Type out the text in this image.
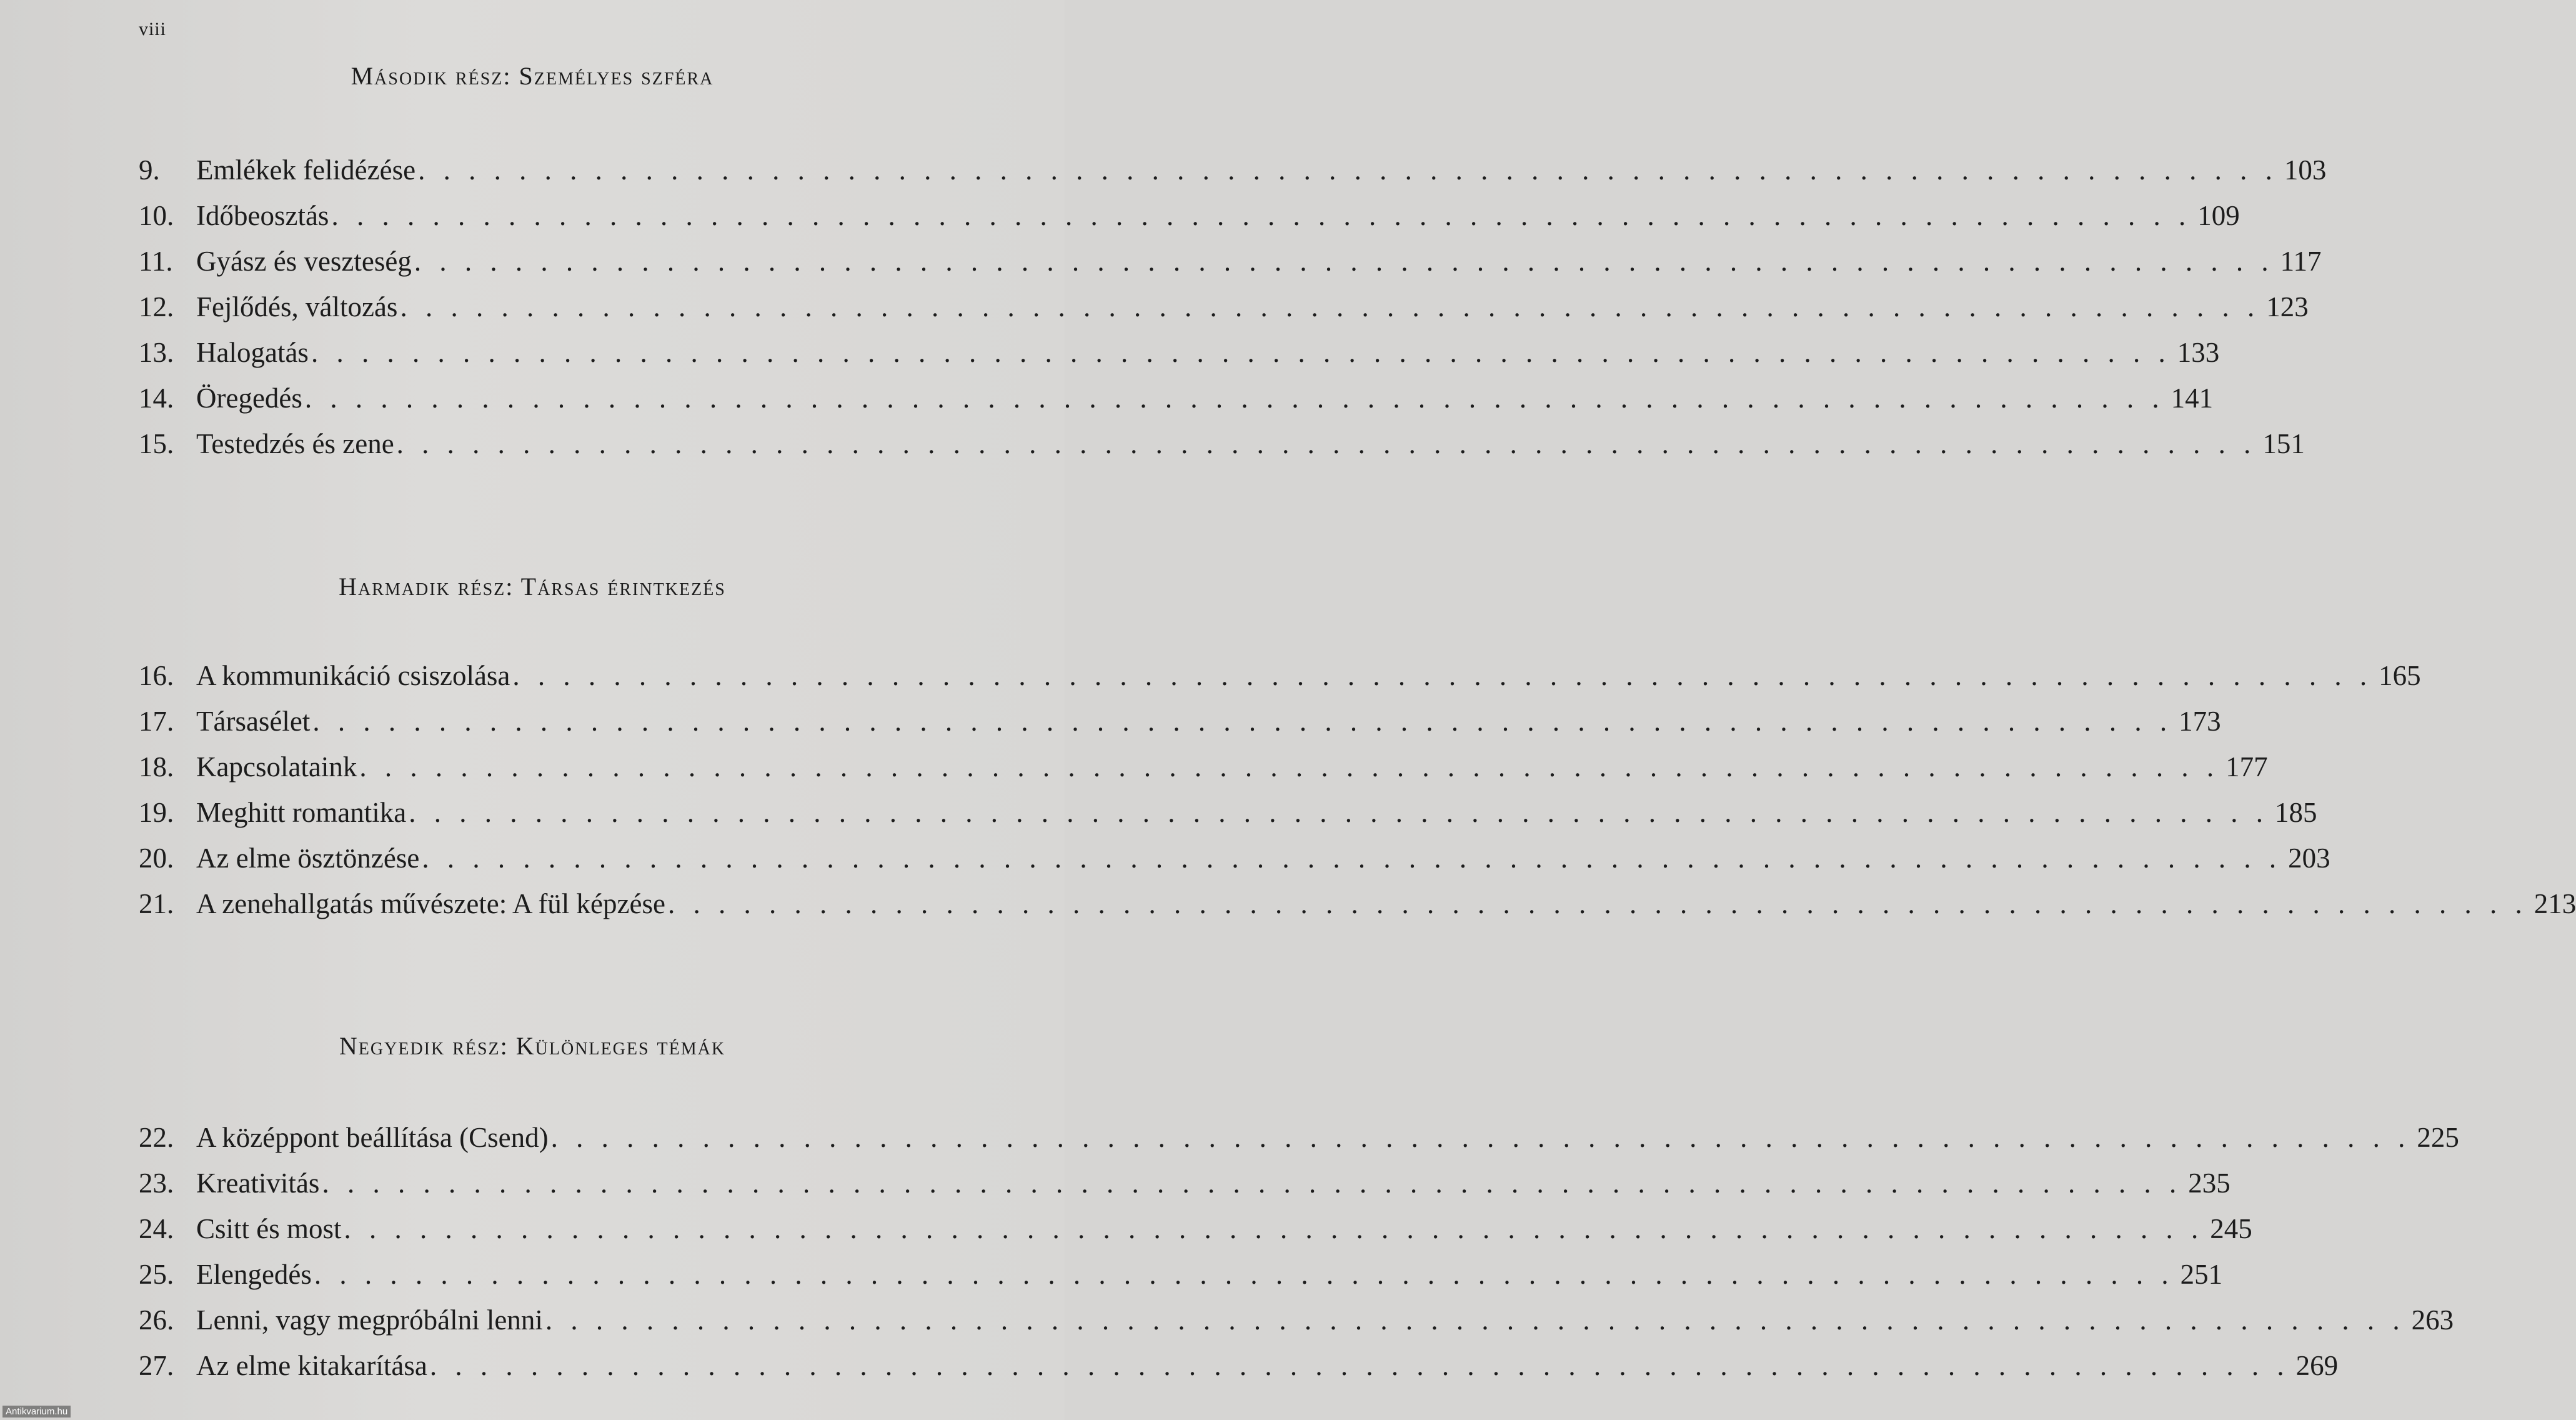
viii
Második rész: Személyes szféra
9.	Emlékek felidézése . . . . . . . . . . . . . . . . . . . . . . . . . . . . . . . . . . . . . . . . . . . . . . . . . . . . . . . . . . . . . . . . . . . . . . . . . . 103
10. Időbeosztás . . . . . . . . . . . . . . . . . . . . . . . . . . . . . . . . . . . . . . . . . . . . . . . . . . . . . . . . . . . . . . . . . . . . . . . . . . 109
11. Gyász és veszteség . . . . . . . . . . . . . . . . . . . . . . . . . . . . . . . . . . . . . . . . . . . . . . . . . . . . . . . . . . . . . . . . . . . . . . . . . . 117
12. Fejlődés, változás . . . . . . . . . . . . . . . . . . . . . . . . . . . . . . . . . . . . . . . . . . . . . . . . . . . . . . . . . . . . . . . . . . . . . . . . . . 123
13. Halogatás . . . . . . . . . . . . . . . . . . . . . . . . . . . . . . . . . . . . . . . . . . . . . . . . . . . . . . . . . . . . . . . . . . . . . . . . . . 133
14. Öregedés . . . . . . . . . . . . . . . . . . . . . . . . . . . . . . . . . . . . . . . . . . . . . . . . . . . . . . . . . . . . . . . . . . . . . . . . . . 141
15. Testedzés és zene . . . . . . . . . . . . . . . . . . . . . . . . . . . . . . . . . . . . . . . . . . . . . . . . . . . . . . . . . . . . . . . . . . . . . . . . . . 151
Harmadik rész: Társas érintkezés
16. A kommunikáció csiszolása . . . . . . . . . . . . . . . . . . . . . . . . . . . . . . . . . . . . . . . . . . . . . . . . . . . . . . . . . . . . . . . . . . . . . . . . . . 165
17. Társasélet . . . . . . . . . . . . . . . . . . . . . . . . . . . . . . . . . . . . . . . . . . . . . . . . . . . . . . . . . . . . . . . . . . . . . . . . . . 173
18. Kapcsolataink . . . . . . . . . . . . . . . . . . . . . . . . . . . . . . . . . . . . . . . . . . . . . . . . . . . . . . . . . . . . . . . . . . . . . . . . . . 177
19. Meghitt romantika . . . . . . . . . . . . . . . . . . . . . . . . . . . . . . . . . . . . . . . . . . . . . . . . . . . . . . . . . . . . . . . . . . . . . . . . . . 185
20. Az elme ösztönzése . . . . . . . . . . . . . . . . . . . . . . . . . . . . . . . . . . . . . . . . . . . . . . . . . . . . . . . . . . . . . . . . . . . . . . . . . . 203
21. A zenehallgatás művészete: A fül képzése . . . . . . . . . . . . . . . . . . . . . . . . . . . . . . . . . . . . . . . . . . . . . . . . . . . . . . . . . . . . . . . . . . . . . . . . . . 213
Negyedik rész: Különleges témák
22. A középpont beállítása (Csend) . . . . . . . . . . . . . . . . . . . . . . . . . . . . . . . . . . . . . . . . . . . . . . . . . . . . . . . . . . . . . . . . . . . . . . . . . . 225
23. Kreativitás . . . . . . . . . . . . . . . . . . . . . . . . . . . . . . . . . . . . . . . . . . . . . . . . . . . . . . . . . . . . . . . . . . . . . . . . . . 235
24. Csitt és most . . . . . . . . . . . . . . . . . . . . . . . . . . . . . . . . . . . . . . . . . . . . . . . . . . . . . . . . . . . . . . . . . . . . . . . . . . 245
25. Elengedés . . . . . . . . . . . . . . . . . . . . . . . . . . . . . . . . . . . . . . . . . . . . . . . . . . . . . . . . . . . . . . . . . . . . . . . . . . 251
26. Lenni, vagy megpróbálni lenni . . . . . . . . . . . . . . . . . . . . . . . . . . . . . . . . . . . . . . . . . . . . . . . . . . . . . . . . . . . . . . . . . . . . . . . . . . 263
27. Az elme kitakarítása . . . . . . . . . . . . . . . . . . . . . . . . . . . . . . . . . . . . . . . . . . . . . . . . . . . . . . . . . . . . . . . . . . . . . . . . . . 269
Antikvarium.hu
